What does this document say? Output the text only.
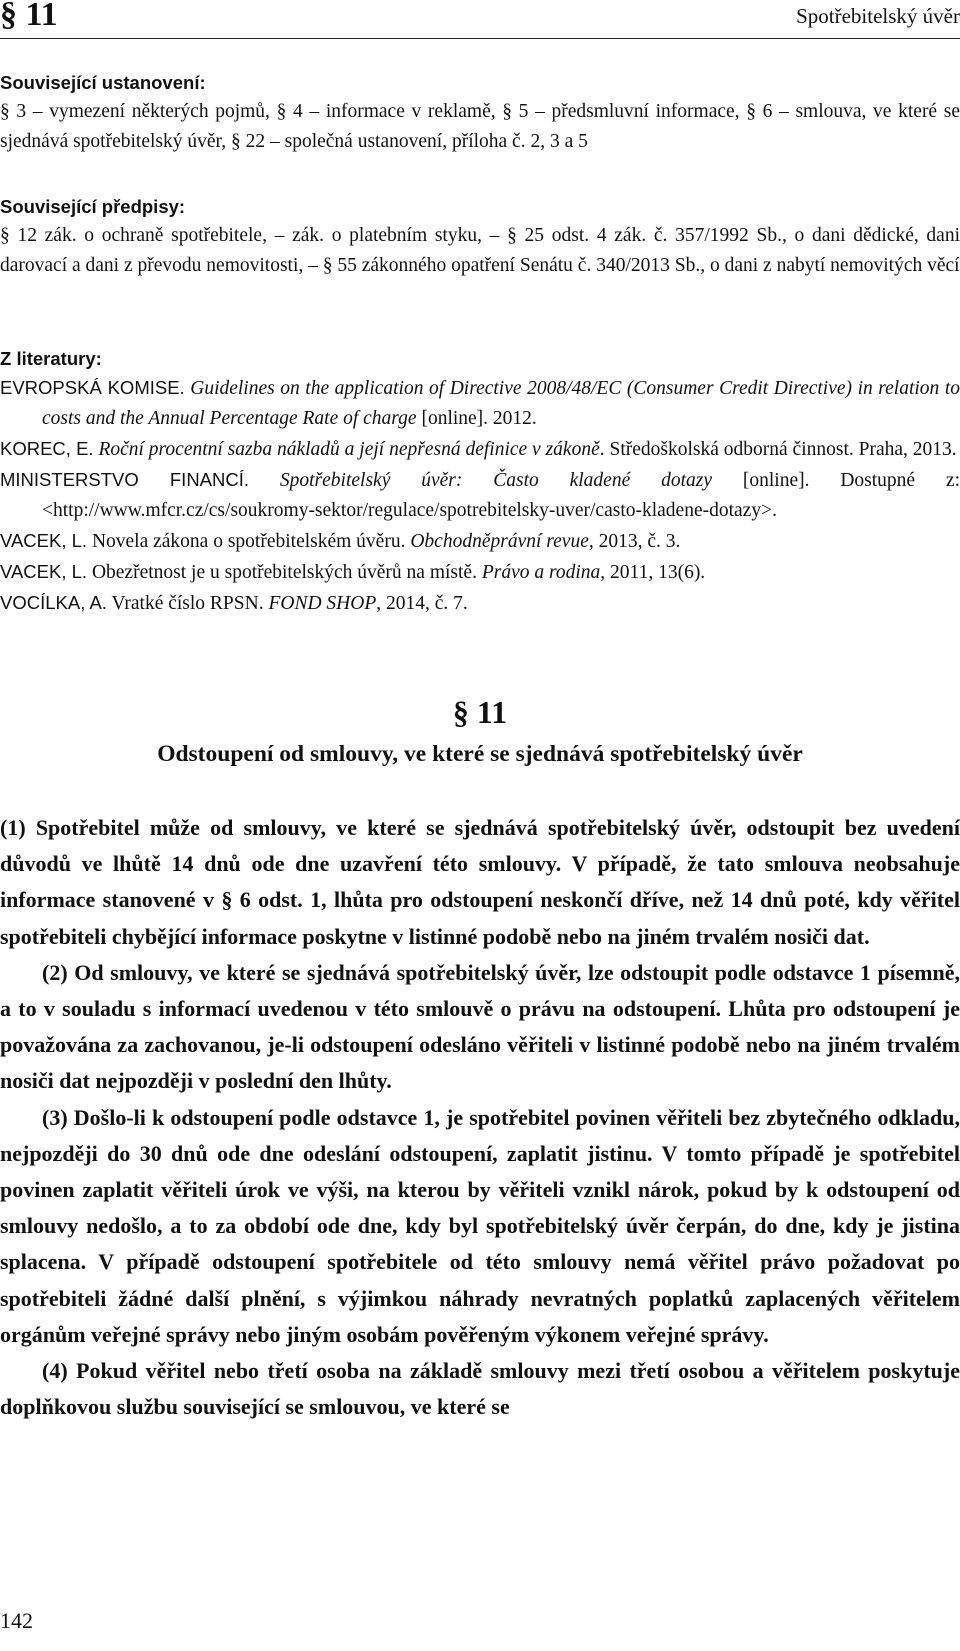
§ 11	Spotřebitelský úvěr
Související ustanovení:
§ 3 – vymezení některých pojmů, § 4 – informace v reklamě, § 5 – předsmluvní informace, § 6 – smlouva, ve které se sjednává spotřebitelský úvěr, § 22 – společná ustanovení, příloha č. 2, 3 a 5
Související předpisy:
§ 12 zák. o ochraně spotřebitele, – zák. o platebním styku, – § 25 odst. 4 zák. č. 357/1992 Sb., o dani dědické, dani darovací a dani z převodu nemovitosti, – § 55 zákonného opatření Senátu č. 340/2013 Sb., o dani z nabytí nemovitých věcí
Z literatury:
EVROPSKÁ KOMISE. Guidelines on the application of Directive 2008/48/EC (Consumer Credit Directive) in relation to costs and the Annual Percentage Rate of charge [online]. 2012.
KOREC, E. Roční procentní sazba nákladů a její nepřesná definice v zákoně. Středoškolská odborná činnost. Praha, 2013.
MINISTERSTVO FINANCÍ. Spotřebitelský úvěr: Často kladené dotazy [online]. Dostupné z: <http://www.mfcr.cz/cs/soukromy-sektor/regulace/spotrebitelsky-uver/casto-kladene-dotazy>.
VACEK, L. Novela zákona o spotřebitelském úvěru. Obchodněprávní revue, 2013, č. 3.
VACEK, L. Obezřetnost je u spotřebitelských úvěrů na místě. Právo a rodina, 2011, 13(6).
VOCÍLKA, A. Vratké číslo RPSN. FOND SHOP, 2014, č. 7.
§ 11
Odstoupení od smlouvy, ve které se sjednává spotřebitelský úvěr

(1) Spotřebitel může od smlouvy, ve které se sjednává spotřebitelský úvěr, odstoupit bez uvedení důvodů ve lhůtě 14 dnů ode dne uzavření této smlouvy. V případě, že tato smlouva neobsahuje informace stanovené v § 6 odst. 1, lhůta pro odstoupení neskončí dříve, než 14 dnů poté, kdy věřitel spotřebiteli chybějící informace poskytne v listinné podobě nebo na jiném trvalém nosiči dat.

(2) Od smlouvy, ve které se sjednává spotřebitelský úvěr, lze odstoupit podle odstavce 1 písemně, a to v souladu s informací uvedenou v této smlouvě o právu na odstoupení. Lhůta pro odstoupení je považována za zachovanou, je-li odstoupení odesláno věřiteli v listinné podobě nebo na jiném trvalém nosiči dat nejpozději v poslední den lhůty.

(3) Došlo-li k odstoupení podle odstavce 1, je spotřebitel povinen věřiteli bez zbytečného odkladu, nejpozději do 30 dnů ode dne odeslání odstoupení, zaplatit jistinu. V tomto případě je spotřebitel povinen zaplatit věřiteli úrok ve výši, na kterou by věřiteli vznikl nárok, pokud by k odstoupení od smlouvy nedošlo, a to za období ode dne, kdy byl spotřebitelský úvěr čerpán, do dne, kdy je jistina splacena. V případě odstoupení spotřebitele od této smlouvy nemá věřitel právo požadovat po spotřebiteli žádné další plnění, s výjimkou náhrady nevratných poplatků zaplacených věřitelem orgánům veřejné správy nebo jiným osobám pověřeným výkonem veřejné správy.

(4) Pokud věřitel nebo třetí osoba na základě smlouvy mezi třetí osobou a věřitelem poskytuje doplňkovou službu související se smlouvou, ve které se

142
